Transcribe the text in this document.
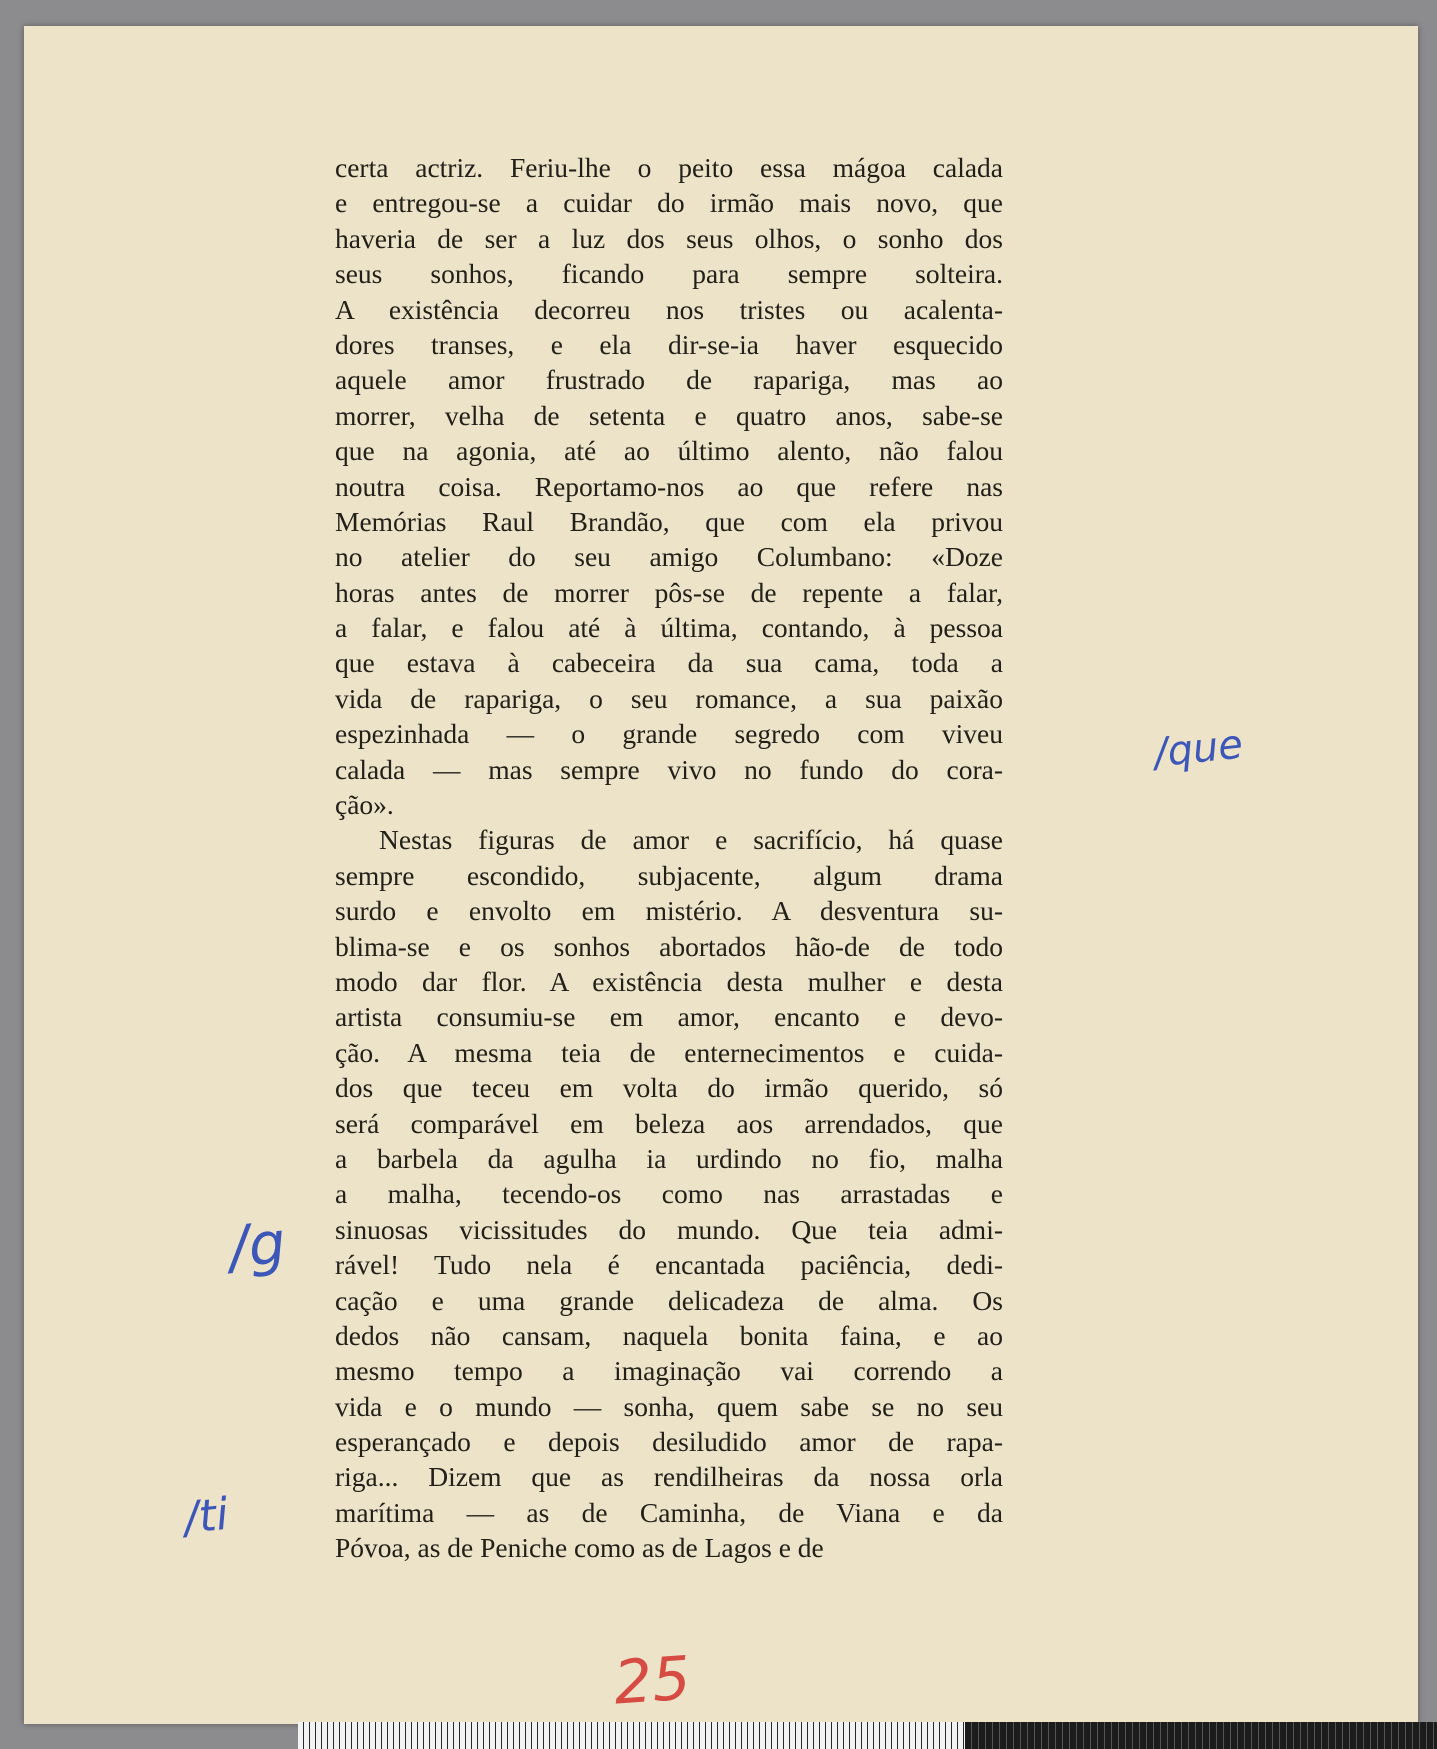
certa actriz. Feriu-lhe o peito essa mágoa calada
e entregou-se a cuidar do irmão mais novo, que
haveria de ser a luz dos seus olhos, o sonho dos
seus sonhos, ficando para sempre solteira.
A existência decorreu nos tristes ou acalenta-
dores transes, e ela dir-se-ia haver esquecido
aquele amor frustrado de rapariga, mas ao
morrer, velha de setenta e quatro anos, sabe-se
que na agonia, até ao último alento, não falou
noutra coisa. Reportamo-nos ao que refere nas
Memórias Raul Brandão, que com ela privou
no atelier do seu amigo Columbano: «Doze
horas antes de morrer pôs-se de repente a falar,
a falar, e falou até à última, contando, à pessoa
que estava à cabeceira da sua cama, toda a
vida de rapariga, o seu romance, a sua paixão
espezinhada — o grande segredo com viveu
calada — mas sempre vivo no fundo do cora-
ção».
Nestas figuras de amor e sacrifício, há quase
sempre escondido, subjacente, algum drama
surdo e envolto em mistério. A desventura su-
blima-se e os sonhos abortados hão-de de todo
modo dar flor. A existência desta mulher e desta
artista consumiu-se em amor, encanto e devo-
ção. A mesma teia de enternecimentos e cuida-
dos que teceu em volta do irmão querido, só
será comparável em beleza aos arrendados, que
a barbela da agulha ia urdindo no fio, malha
a malha, tecendo-os como nas arrastadas e
sinuosas vicissitudes do mundo. Que teia admi-
rável! Tudo nela é encantada paciência, dedi-
cação e uma grande delicadeza de alma. Os
dedos não cansam, naquela bonita faina, e ao
mesmo tempo a imaginação vai correndo a
vida e o mundo — sonha, quem sabe se no seu
esperançado e depois desiludido amor de rapa-
riga... Dizem que as rendilheiras da nossa orla
marítima — as de Caminha, de Viana e da
Póvoa, as de Peniche como as de Lagos e de
/que
/g
/ti
25
